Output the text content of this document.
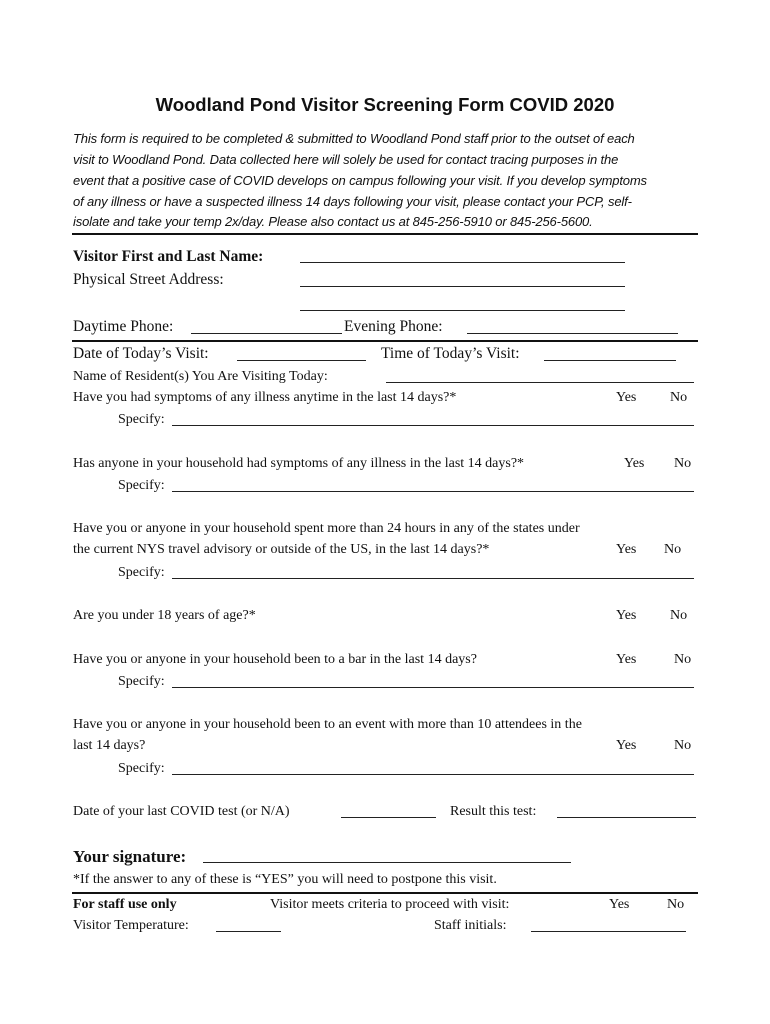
Woodland Pond Visitor Screening Form COVID 2020
This form is required to be completed & submitted to Woodland Pond staff prior to the outset of each
visit to Woodland Pond. Data collected here will solely be used for contact tracing purposes in the
event that a positive case of COVID develops on campus following your visit. If you develop symptoms
of any illness or have a suspected illness 14 days following your visit, please contact your PCP, self-
isolate and take your temp 2x/day. Please also contact us at 845-256-5910 or 845-256-5600.
Visitor First and Last Name:
Physical Street Address:
Daytime Phone:	Evening Phone:
Date of Today’s Visit:	Time of Today’s Visit:
Name of Resident(s) You Are Visiting Today:
Have you had symptoms of any illness anytime in the last 14 days?*	Yes No
Specify:
Has anyone in your household had symptoms of any illness in the last 14 days?*	Yes No
Specify:
Have you or anyone in your household spent more than 24 hours in any of the states under
the current NYS travel advisory or outside of the US, in the last 14 days?*	Yes No
Specify:
Are you under 18 years of age?*	Yes No
Have you or anyone in your household been to a bar in the last 14 days?	Yes	No
Specify:
Have you or anyone in your household been to an event with more than 10 attendees in the
last 14 days?	Yes	No
Specify:
Date of your last COVID test (or N/A)	Result this test:
Your signature:
*If the answer to any of these is “YES” you will need to postpone this visit.
For staff use only	Visitor meets criteria to proceed with visit:	Yes	No
Visitor Temperature:	Staff initials:
